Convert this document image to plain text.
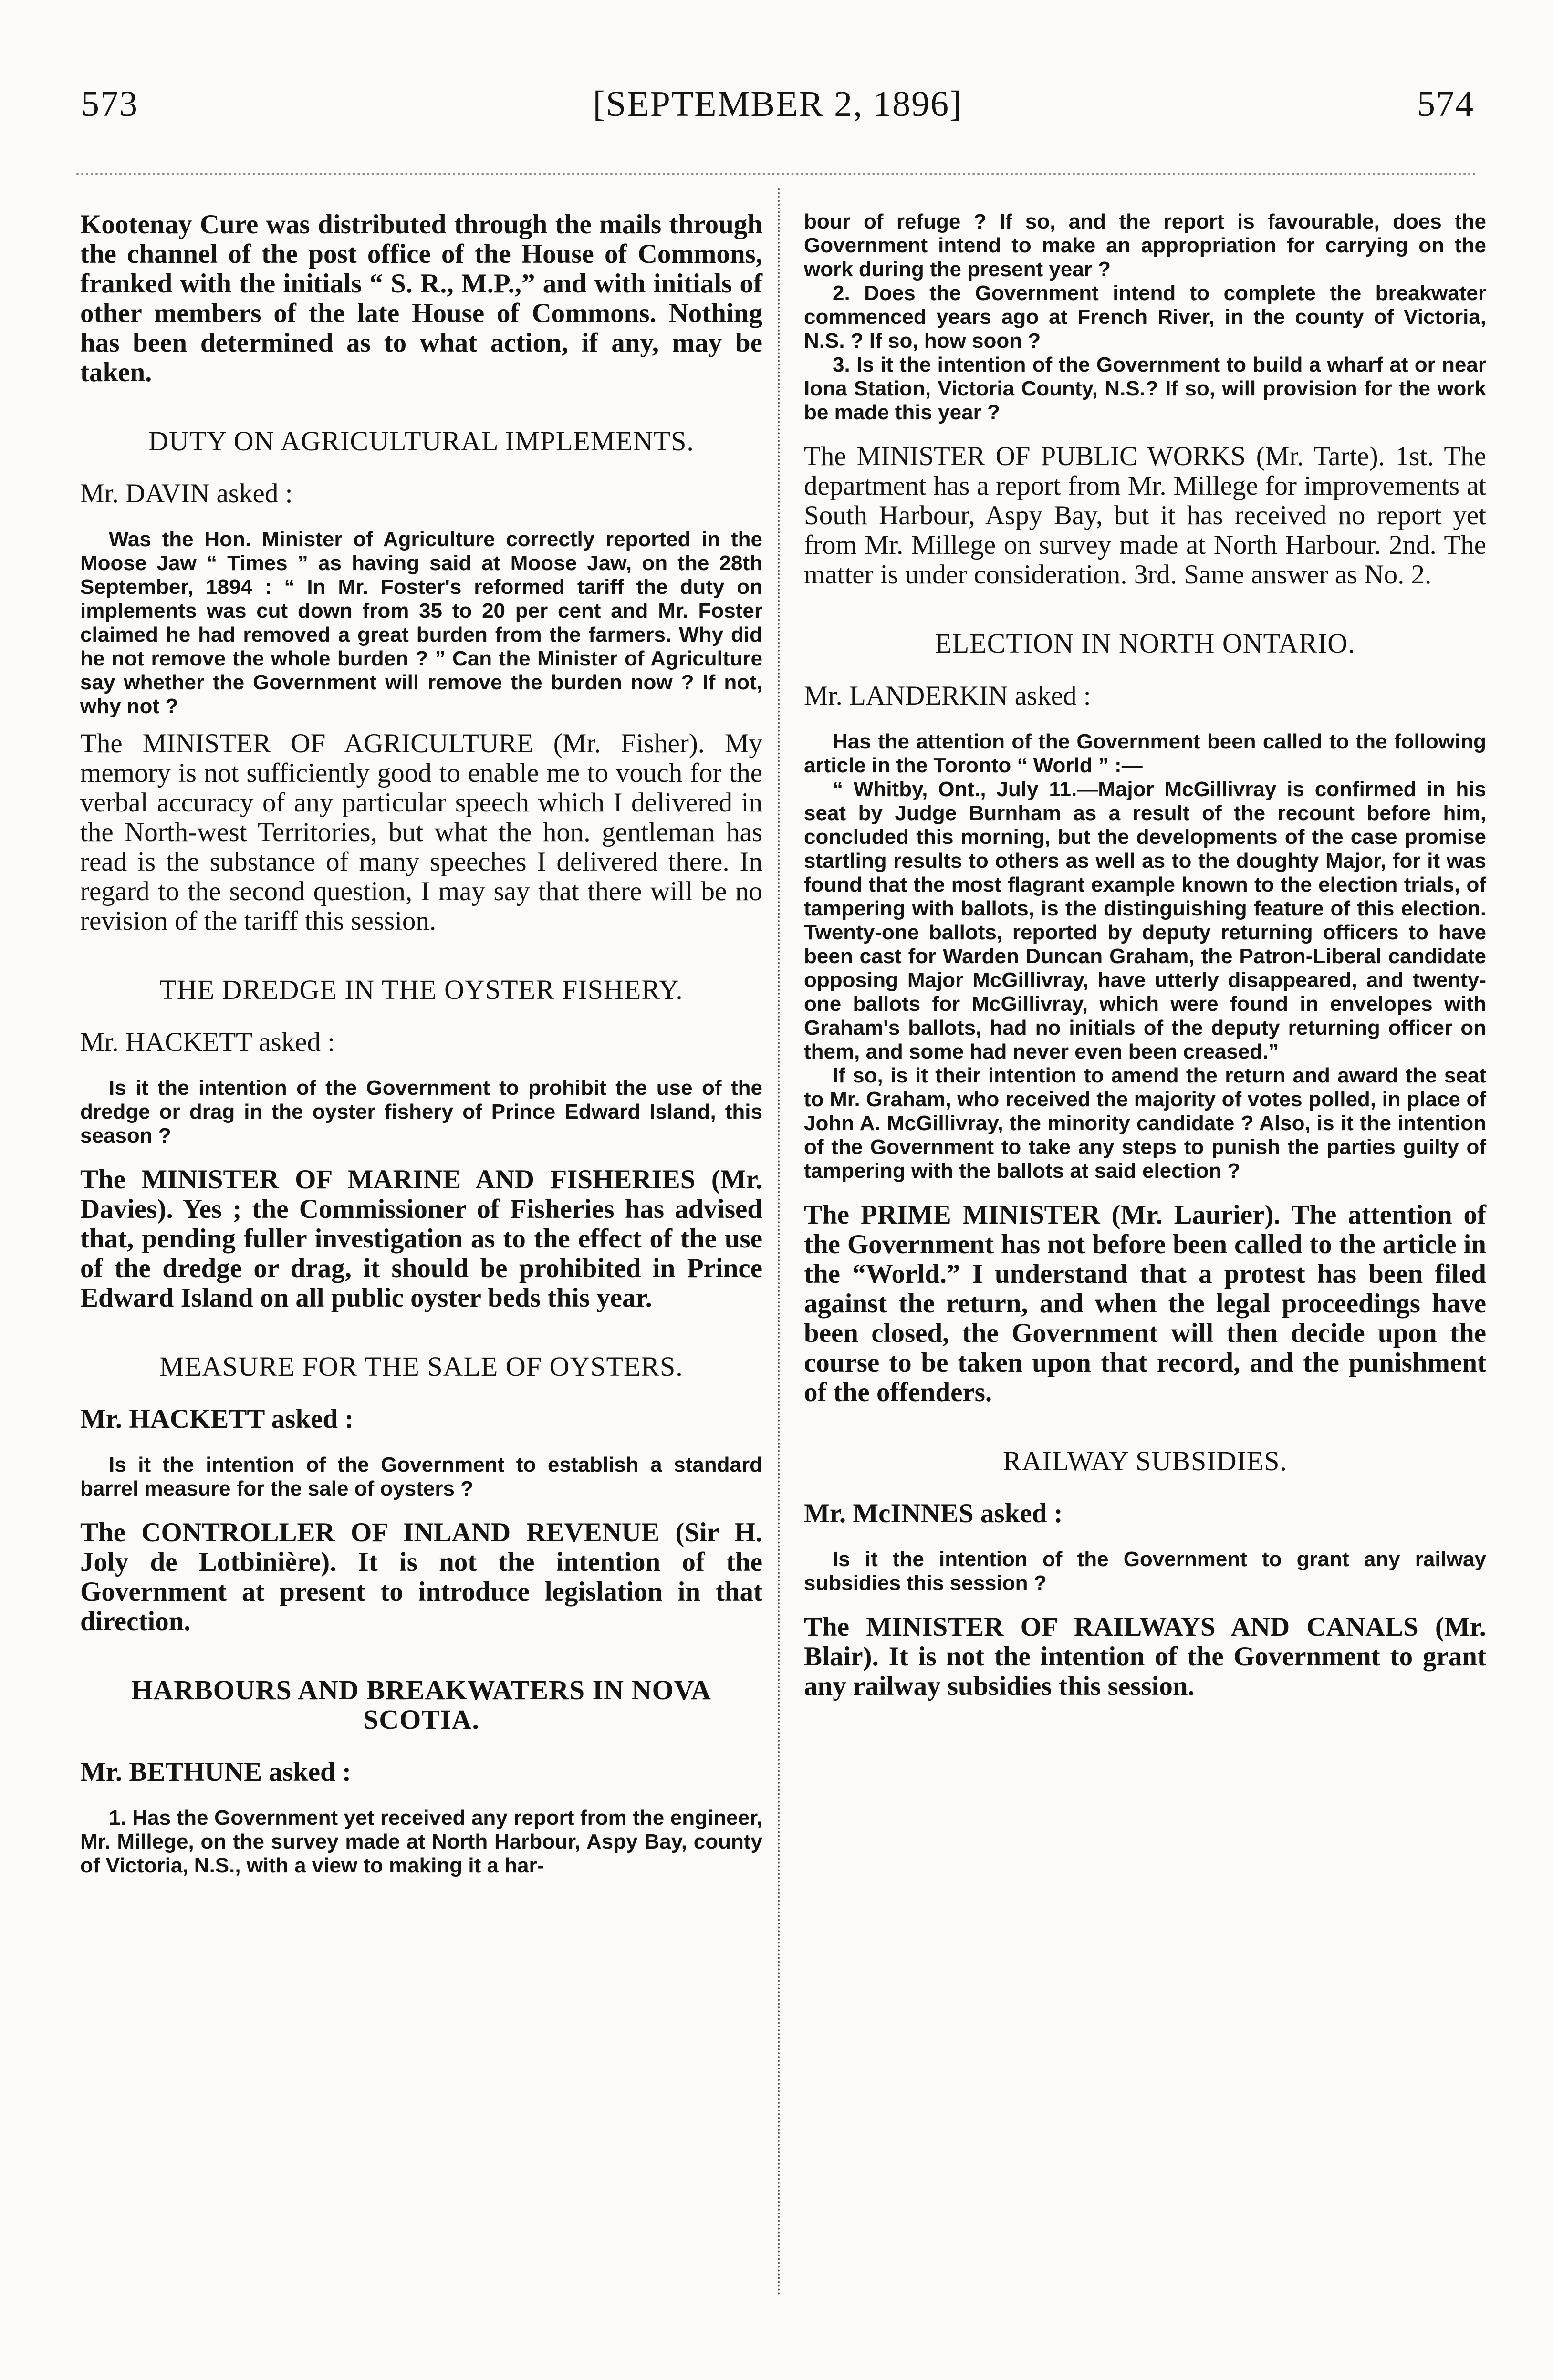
573	[SEPTEMBER 2, 1896]	574

Kootenay Cure was distributed through the mails through the channel of the post office of the House of Commons, franked with the initials “ S. R., M.P.,” and with initials of other members of the late House of Commons. Nothing has been determined as to what action, if any, may be taken.

DUTY ON AGRICULTURAL IMPLEMENTS.
Mr. DAVIN asked :

Was the Hon. Minister of Agriculture correctly reported in the Moose Jaw “ Times ” as having said at Moose Jaw, on the 28th September, 1894 : “ In Mr. Foster's reformed tariff the duty on implements was cut down from 35 to 20 per cent and Mr. Foster claimed he had removed a great burden from the farmers. Why did he not remove the whole burden ? ” Can the Minister of Agriculture say whether the Government will remove the burden now ? If not, why not ?

The MINISTER OF AGRICULTURE (Mr. Fisher). My memory is not sufficiently good to enable me to vouch for the verbal accuracy of any particular speech which I delivered in the North-west Territories, but what the hon. gentleman has read is the substance of many speeches I delivered there. In regard to the second question, I may say that there will be no revision of the tariff this session.

THE DREDGE IN THE OYSTER FISHERY.
Mr. HACKETT asked :

Is it the intention of the Government to prohibit the use of the dredge or drag in the oyster fishery of Prince Edward Island, this season ?

The MINISTER OF MARINE AND FISHERIES (Mr. Davies). Yes ; the Commissioner of Fisheries has advised that, pending fuller investigation as to the effect of the use of the dredge or drag, it should be prohibited in Prince Edward Island on all public oyster beds this year.

MEASURE FOR THE SALE OF OYSTERS.
Mr. HACKETT asked :

Is it the intention of the Government to establish a standard barrel measure for the sale of oysters ?

The CONTROLLER OF INLAND REVENUE (Sir H. Joly de Lotbinière). It is not the intention of the Government at present to introduce legislation in that direction.

HARBOURS AND BREAKWATERS IN NOVA SCOTIA.
Mr. BETHUNE asked :

1. Has the Government yet received any report from the engineer, Mr. Millege, on the survey made at North Harbour, Aspy Bay, county of Victoria, N.S., with a view to making it a har-

bour of refuge ? If so, and the report is favourable, does the Government intend to make an appropriation for carrying on the work during the present year ?

2. Does the Government intend to complete the breakwater commenced years ago at French River, in the county of Victoria, N.S. ? If so, how soon ?

3. Is it the intention of the Government to build a wharf at or near Iona Station, Victoria County, N.S.? If so, will provision for the work be made this year ?

The MINISTER OF PUBLIC WORKS (Mr. Tarte). 1st. The department has a report from Mr. Millege for improvements at South Harbour, Aspy Bay, but it has received no report yet from Mr. Millege on survey made at North Harbour. 2nd. The matter is under consideration. 3rd. Same answer as No. 2.

ELECTION IN NORTH ONTARIO.
Mr. LANDERKIN asked :

Has the attention of the Government been called to the following article in the Toronto “ World ” :—

“ Whitby, Ont., July 11.—Major McGillivray is confirmed in his seat by Judge Burnham as a result of the recount before him, concluded this morning, but the developments of the case promise startling results to others as well as to the doughty Major, for it was found that the most flagrant example known to the election trials, of tampering with ballots, is the distinguishing feature of this election. Twenty-one ballots, reported by deputy returning officers to have been cast for Warden Duncan Graham, the Patron-Liberal candidate opposing Major McGillivray, have utterly disappeared, and twenty-one ballots for McGillivray, which were found in envelopes with Graham's ballots, had no initials of the deputy returning officer on them, and some had never even been creased.”

If so, is it their intention to amend the return and award the seat to Mr. Graham, who received the majority of votes polled, in place of John A. McGillivray, the minority candidate ? Also, is it the intention of the Government to take any steps to punish the parties guilty of tampering with the ballots at said election ?

The PRIME MINISTER (Mr. Laurier). The attention of the Government has not before been called to the article in the “World.” I understand that a protest has been filed against the return, and when the legal proceedings have been closed, the Government will then decide upon the course to be taken upon that record, and the punishment of the offenders.

RAILWAY SUBSIDIES.
Mr. McINNES asked :

Is it the intention of the Government to grant any railway subsidies this session ?

The MINISTER OF RAILWAYS AND CANALS (Mr. Blair). It is not the intention of the Government to grant any railway subsidies this session.
